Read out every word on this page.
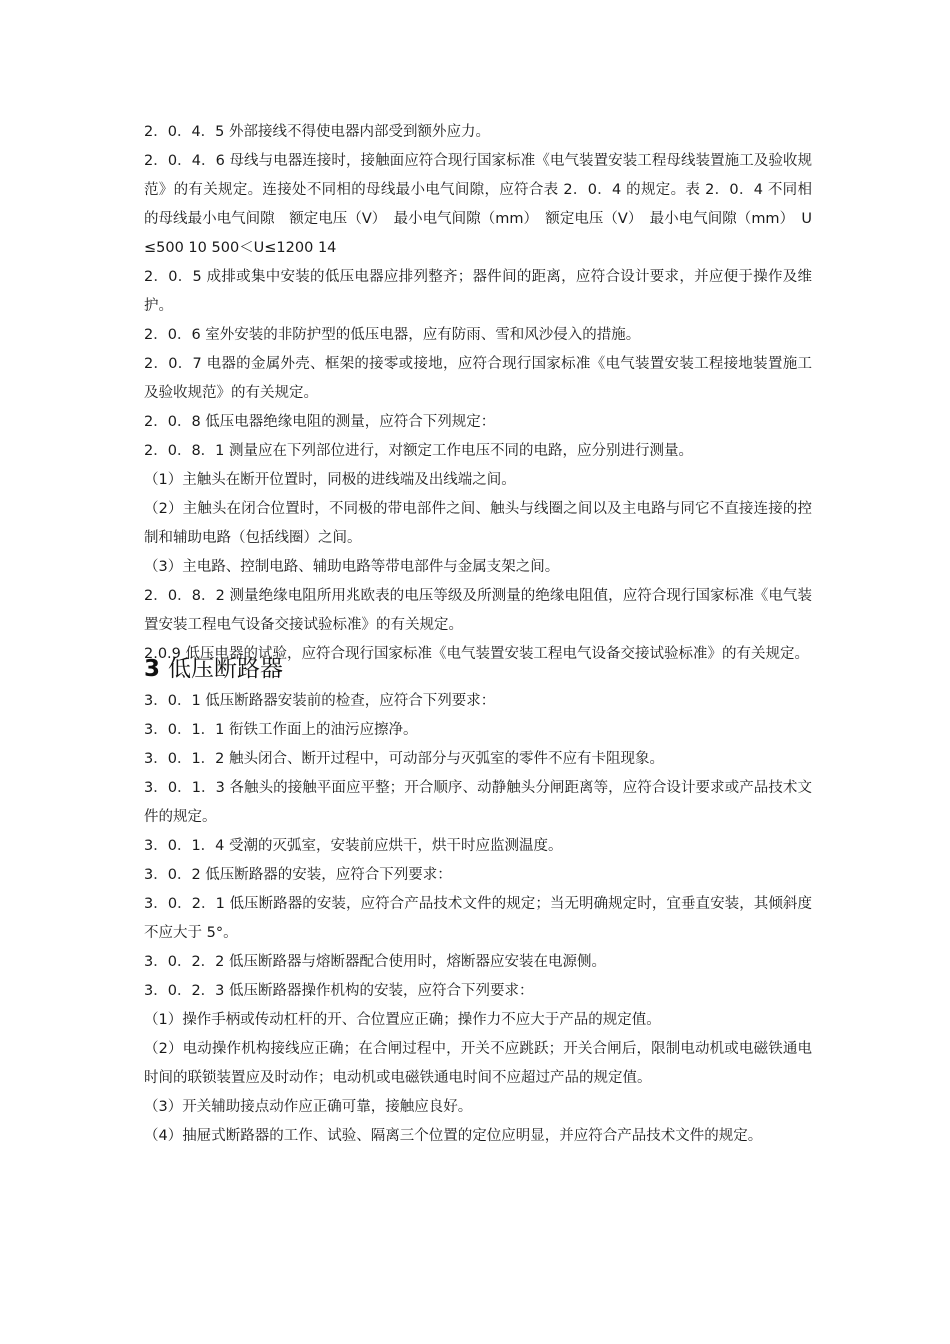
2．0．4．5 外部接线不得使电器内部受到额外应力。

2．0．4．6 母线与电器连接时，接触面应符合现行国家标准《电气装置安装工程母线装置施工及验收规范》的有关规定。连接处不同相的母线最小电气间隙，应符合表 2．0．4 的规定。表 2．0．4 不同相的母线最小电气间隙　额定电压（V）　最小电气间隙（mm）　额定电压（V）　最小电气间隙（mm）　U≤500 10 500＜U≤1200 14

2．0．5 成排或集中安装的低压电器应排列整齐；器件间的距离，应符合设计要求，并应便于操作及维护。

2．0．6 室外安装的非防护型的低压电器，应有防雨、雪和风沙侵入的措施。

2．0．7 电器的金属外壳、框架的接零或接地，应符合现行国家标准《电气装置安装工程接地装置施工及验收规范》的有关规定。

2．0．8 低压电器绝缘电阻的测量，应符合下列规定：

2．0．8．1 测量应在下列部位进行，对额定工作电压不同的电路，应分别进行测量。

（1）主触头在断开位置时，同极的进线端及出线端之间。

（2）主触头在闭合位置时，不同极的带电部件之间、触头与线圈之间以及主电路与同它不直接连接的控制和辅助电路（包括线圈）之间。

（3）主电路、控制电路、辅助电路等带电部件与金属支架之间。

2．0．8．2 测量绝缘电阻所用兆欧表的电压等级及所测量的绝缘电阻值，应符合现行国家标准《电气装置安装工程电气设备交接试验标准》的有关规定。

2.0.9 低压电器的试验，应符合现行国家标准《电气装置安装工程电气设备交接试验标准》的有关规定。

3 低压断路器

3．0．1 低压断路器安装前的检查，应符合下列要求：

3．0．1．1 衔铁工作面上的油污应擦净。

3．0．1．2 触头闭合、断开过程中，可动部分与灭弧室的零件不应有卡阻现象。

3．0．1．3 各触头的接触平面应平整；开合顺序、动静触头分闸距离等，应符合设计要求或产品技术文件的规定。

3．0．1．4 受潮的灭弧室，安装前应烘干，烘干时应监测温度。

3．0．2 低压断路器的安装，应符合下列要求：

3．0．2．1 低压断路器的安装，应符合产品技术文件的规定；当无明确规定时，宜垂直安装，其倾斜度不应大于 5°。

3．0．2．2 低压断路器与熔断器配合使用时，熔断器应安装在电源侧。

3．0．2．3 低压断路器操作机构的安装，应符合下列要求：

（1）操作手柄或传动杠杆的开、合位置应正确；操作力不应大于产品的规定值。

（2）电动操作机构接线应正确；在合闸过程中，开关不应跳跃；开关合闸后，限制电动机或电磁铁通电时间的联锁装置应及时动作；电动机或电磁铁通电时间不应超过产品的规定值。

（3）开关辅助接点动作应正确可靠，接触应良好。

（4）抽屉式断路器的工作、试验、隔离三个位置的定位应明显，并应符合产品技术文件的规定。
